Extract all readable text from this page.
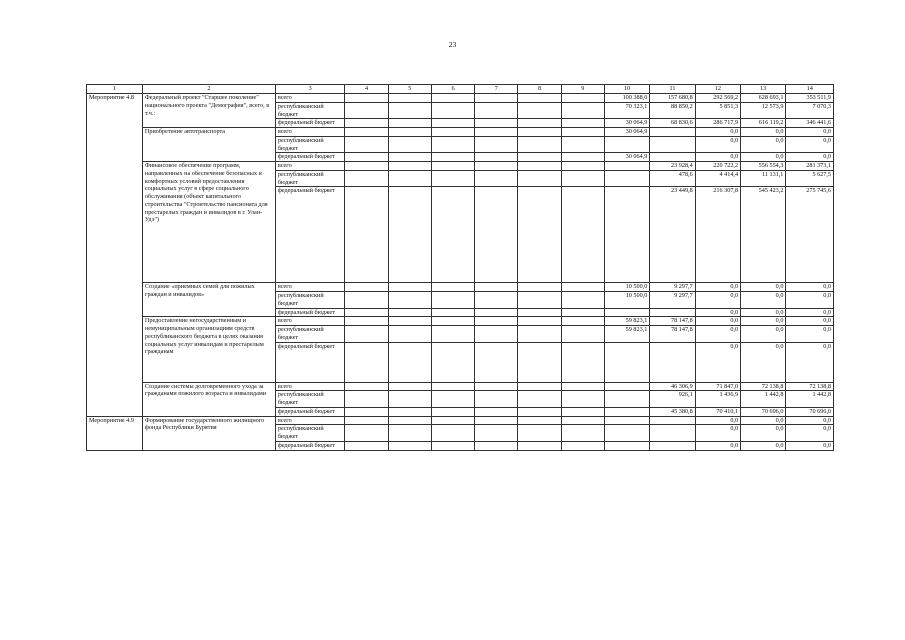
23
1	2	3	4	5	6	7	8	9	10	11	12	13	14
Мероприятие 4.8	Федеральный проект "Старшее поколение" национального проекта "Демография", всего, в т.ч.:	всего							100 388,0	157 680,8	292 569,2	628 693,1	353 511,9
		республиканский бюджет							70 323,1	88 850,2	5 851,3	12 573,9	7 070,3
		федеральный бюджет							30 064,9	68 830,6	286 717,9	616 119,2	346 441,6
	Приобретение автотранспорта	всего							30 064,9		0,0	0,0	0,0
		республиканский бюджет									0,0	0,0	0,0
		федеральный бюджет							30 064,9		0,0	0,0	0,0
	Финансовое обеспечение программ, направленных на обеспечение безопасных и комфортных условий предоставления социальных услуг в сфере социального обслуживания (объект капитального строительства "Строительство пансионата для престарелых граждан и инвалидов в г. Улан-Удэ")	всего								23 928,4	220 722,2	556 554,3	281 373,1
		республиканский бюджет								478,6	4 414,4	11 131,1	5 627,5
		федеральный бюджет								23 449,8	216 307,8	545 423,2	275 745,6
	Создание «приемных семей для пожилых граждан и инвалидов»	всего							10 500,0	9 297,7	0,0	0,0	0,0
		республиканский бюджет							10 500,0	9 297,7	0,0	0,0	0,0
		федеральный бюджет									0,0	0,0	0,0
	Предоставление негосударственным и немуниципальным организациям средств республиканского бюджета в целях оказания социальных услуг инвалидам и престарелым гражданам	всего							59 823,1	78 147,8	0,0	0,0	0,0
		республиканский бюджет							59 823,1	78 147,8	0,0	0,0	0,0
		федеральный бюджет									0,0	0,0	0,0
	Создание системы долговременного ухода за гражданами пожилого возраста и инвалидами	всего								46 306,9	71 847,0	72 138,8	72 138,8
		республиканский бюджет								926,1	1 436,9	1 442,8	1 442,8
		федеральный бюджет								45 380,8	70 410,1	70 696,0	70 696,0
Мероприятие 4.9	Формирование государственного жилищного фонда Республики Бурятия	всего									0,0	0,0	0,0
		республиканский бюджет									0,0	0,0	0,0
		федеральный бюджет									0,0	0,0	0,0
